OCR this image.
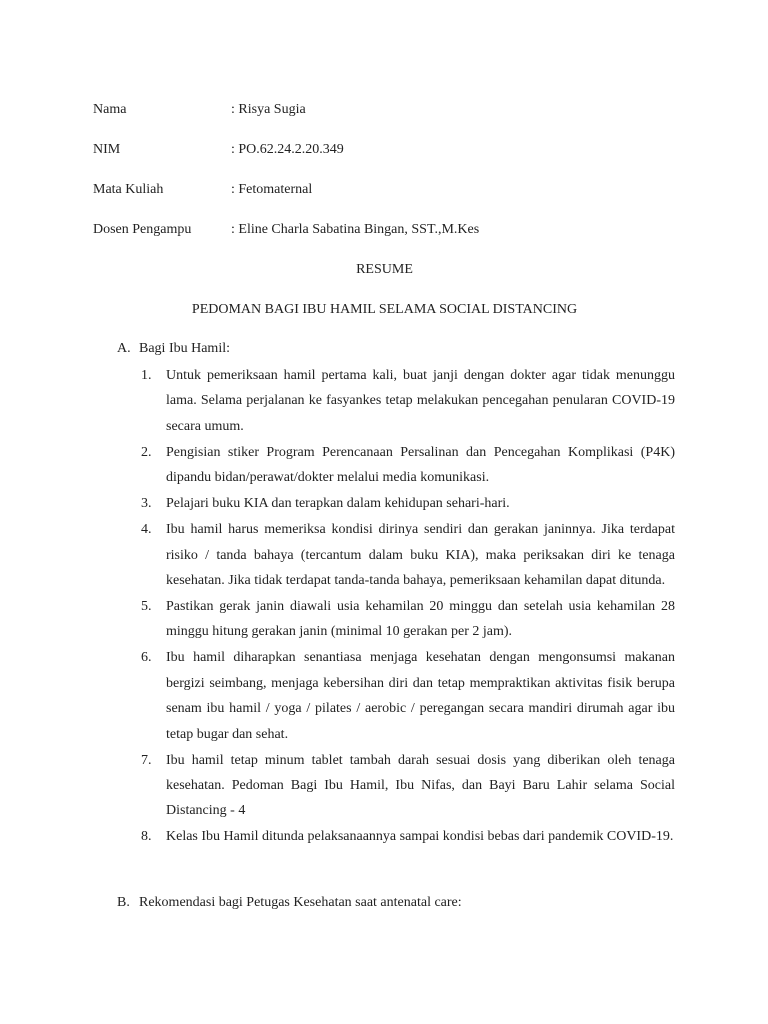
Nama	: Risya Sugia
NIM	: PO.62.24.2.20.349
Mata Kuliah	: Fetomaternal
Dosen Pengampu	: Eline Charla Sabatina Bingan, SST.,M.Kes
RESUME
PEDOMAN BAGI IBU HAMIL SELAMA SOCIAL DISTANCING
A. Bagi Ibu Hamil:
1.	Untuk pemeriksaan hamil pertama kali, buat janji dengan dokter agar tidak menunggu lama. Selama perjalanan ke fasyankes tetap melakukan pencegahan penularan COVID-19 secara umum.
2.	Pengisian stiker Program Perencanaan Persalinan dan Pencegahan Komplikasi (P4K) dipandu bidan/perawat/dokter melalui media komunikasi.
3.	Pelajari buku KIA dan terapkan dalam kehidupan sehari-hari.
4.	Ibu hamil harus memeriksa kondisi dirinya sendiri dan gerakan janinnya. Jika terdapat risiko / tanda bahaya (tercantum dalam buku KIA), maka periksakan diri ke tenaga kesehatan. Jika tidak terdapat tanda-tanda bahaya, pemeriksaan kehamilan dapat ditunda.
5.	Pastikan gerak janin diawali usia kehamilan 20 minggu dan setelah usia kehamilan 28 minggu hitung gerakan janin (minimal 10 gerakan per 2 jam).
6.	Ibu hamil diharapkan senantiasa menjaga kesehatan dengan mengonsumsi makanan bergizi seimbang, menjaga kebersihan diri dan tetap mempraktikan aktivitas fisik berupa senam ibu hamil / yoga / pilates / aerobic / peregangan secara mandiri dirumah agar ibu tetap bugar dan sehat.
7.	Ibu hamil tetap minum tablet tambah darah sesuai dosis yang diberikan oleh tenaga kesehatan. Pedoman Bagi Ibu Hamil, Ibu Nifas, dan Bayi Baru Lahir selama Social Distancing - 4
8.	Kelas Ibu Hamil ditunda pelaksanaannya sampai kondisi bebas dari pandemik COVID-19.
B. Rekomendasi bagi Petugas Kesehatan saat antenatal care:
